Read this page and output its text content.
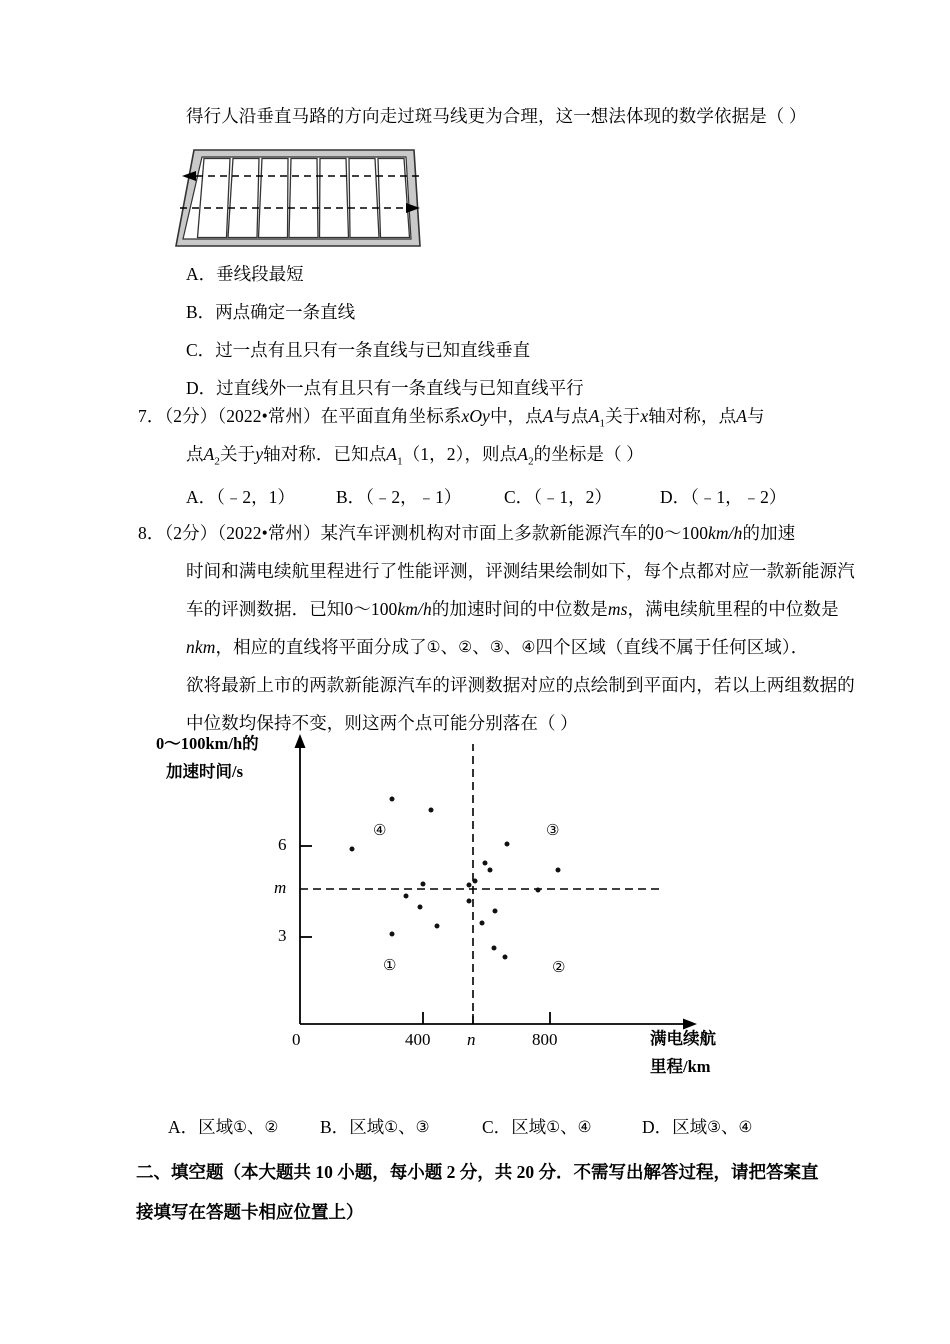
得行人沿垂直马路的方向走过斑马线更为合理，这一想法体现的数学依据是（ ）
A．垂线段最短
B．两点确定一条直线
C．过一点有且只有一条直线与已知直线垂直
D．过直线外一点有且只有一条直线与已知直线平行
7．（2分）（2022•常州）在平面直角坐标系xOy中，点A与点$A_1$关于x轴对称，点A与
点$A_2$关于y轴对称．已知点$A_1(1$，2），则点$A_2$的坐标是（ ）
A．（﹣2，1） B．（﹣2，﹣1） C．（﹣1，2）	D．（﹣1，﹣2）
8．（2分）（2022•常州）某汽车评测机构对市面上多款新能源汽车的0～100km/h的加速
时间和满电续航里程进行了性能评测，评测结果绘制如下，每个点都对应一款新能源汽
车的评测数据．已知0～100km/h的加速时间的中位数是ms，满电续航里程的中位数是
nkm，相应的直线将平面分成了①、②、③、④四个区域（直线不属于任何区域）．
欲将最新上市的两款新能源汽车的评测数据对应的点绘制到平面内，若以上两组数据的
中位数均保持不变，则这两个点可能分别落在（ ）
0～100km/h的
加速时间/s
满电续航
里程/km
6
m
3
0	400 n	800
④	③
①	②
A．区域①、② B．区域①、③	C．区域①、④	D．区域③、④
二、填空题（本大题共 10 小题，每小题 2 分，共 20 分．不需写出解答过程，请把答案直
接填写在答题卡相应位置上）
